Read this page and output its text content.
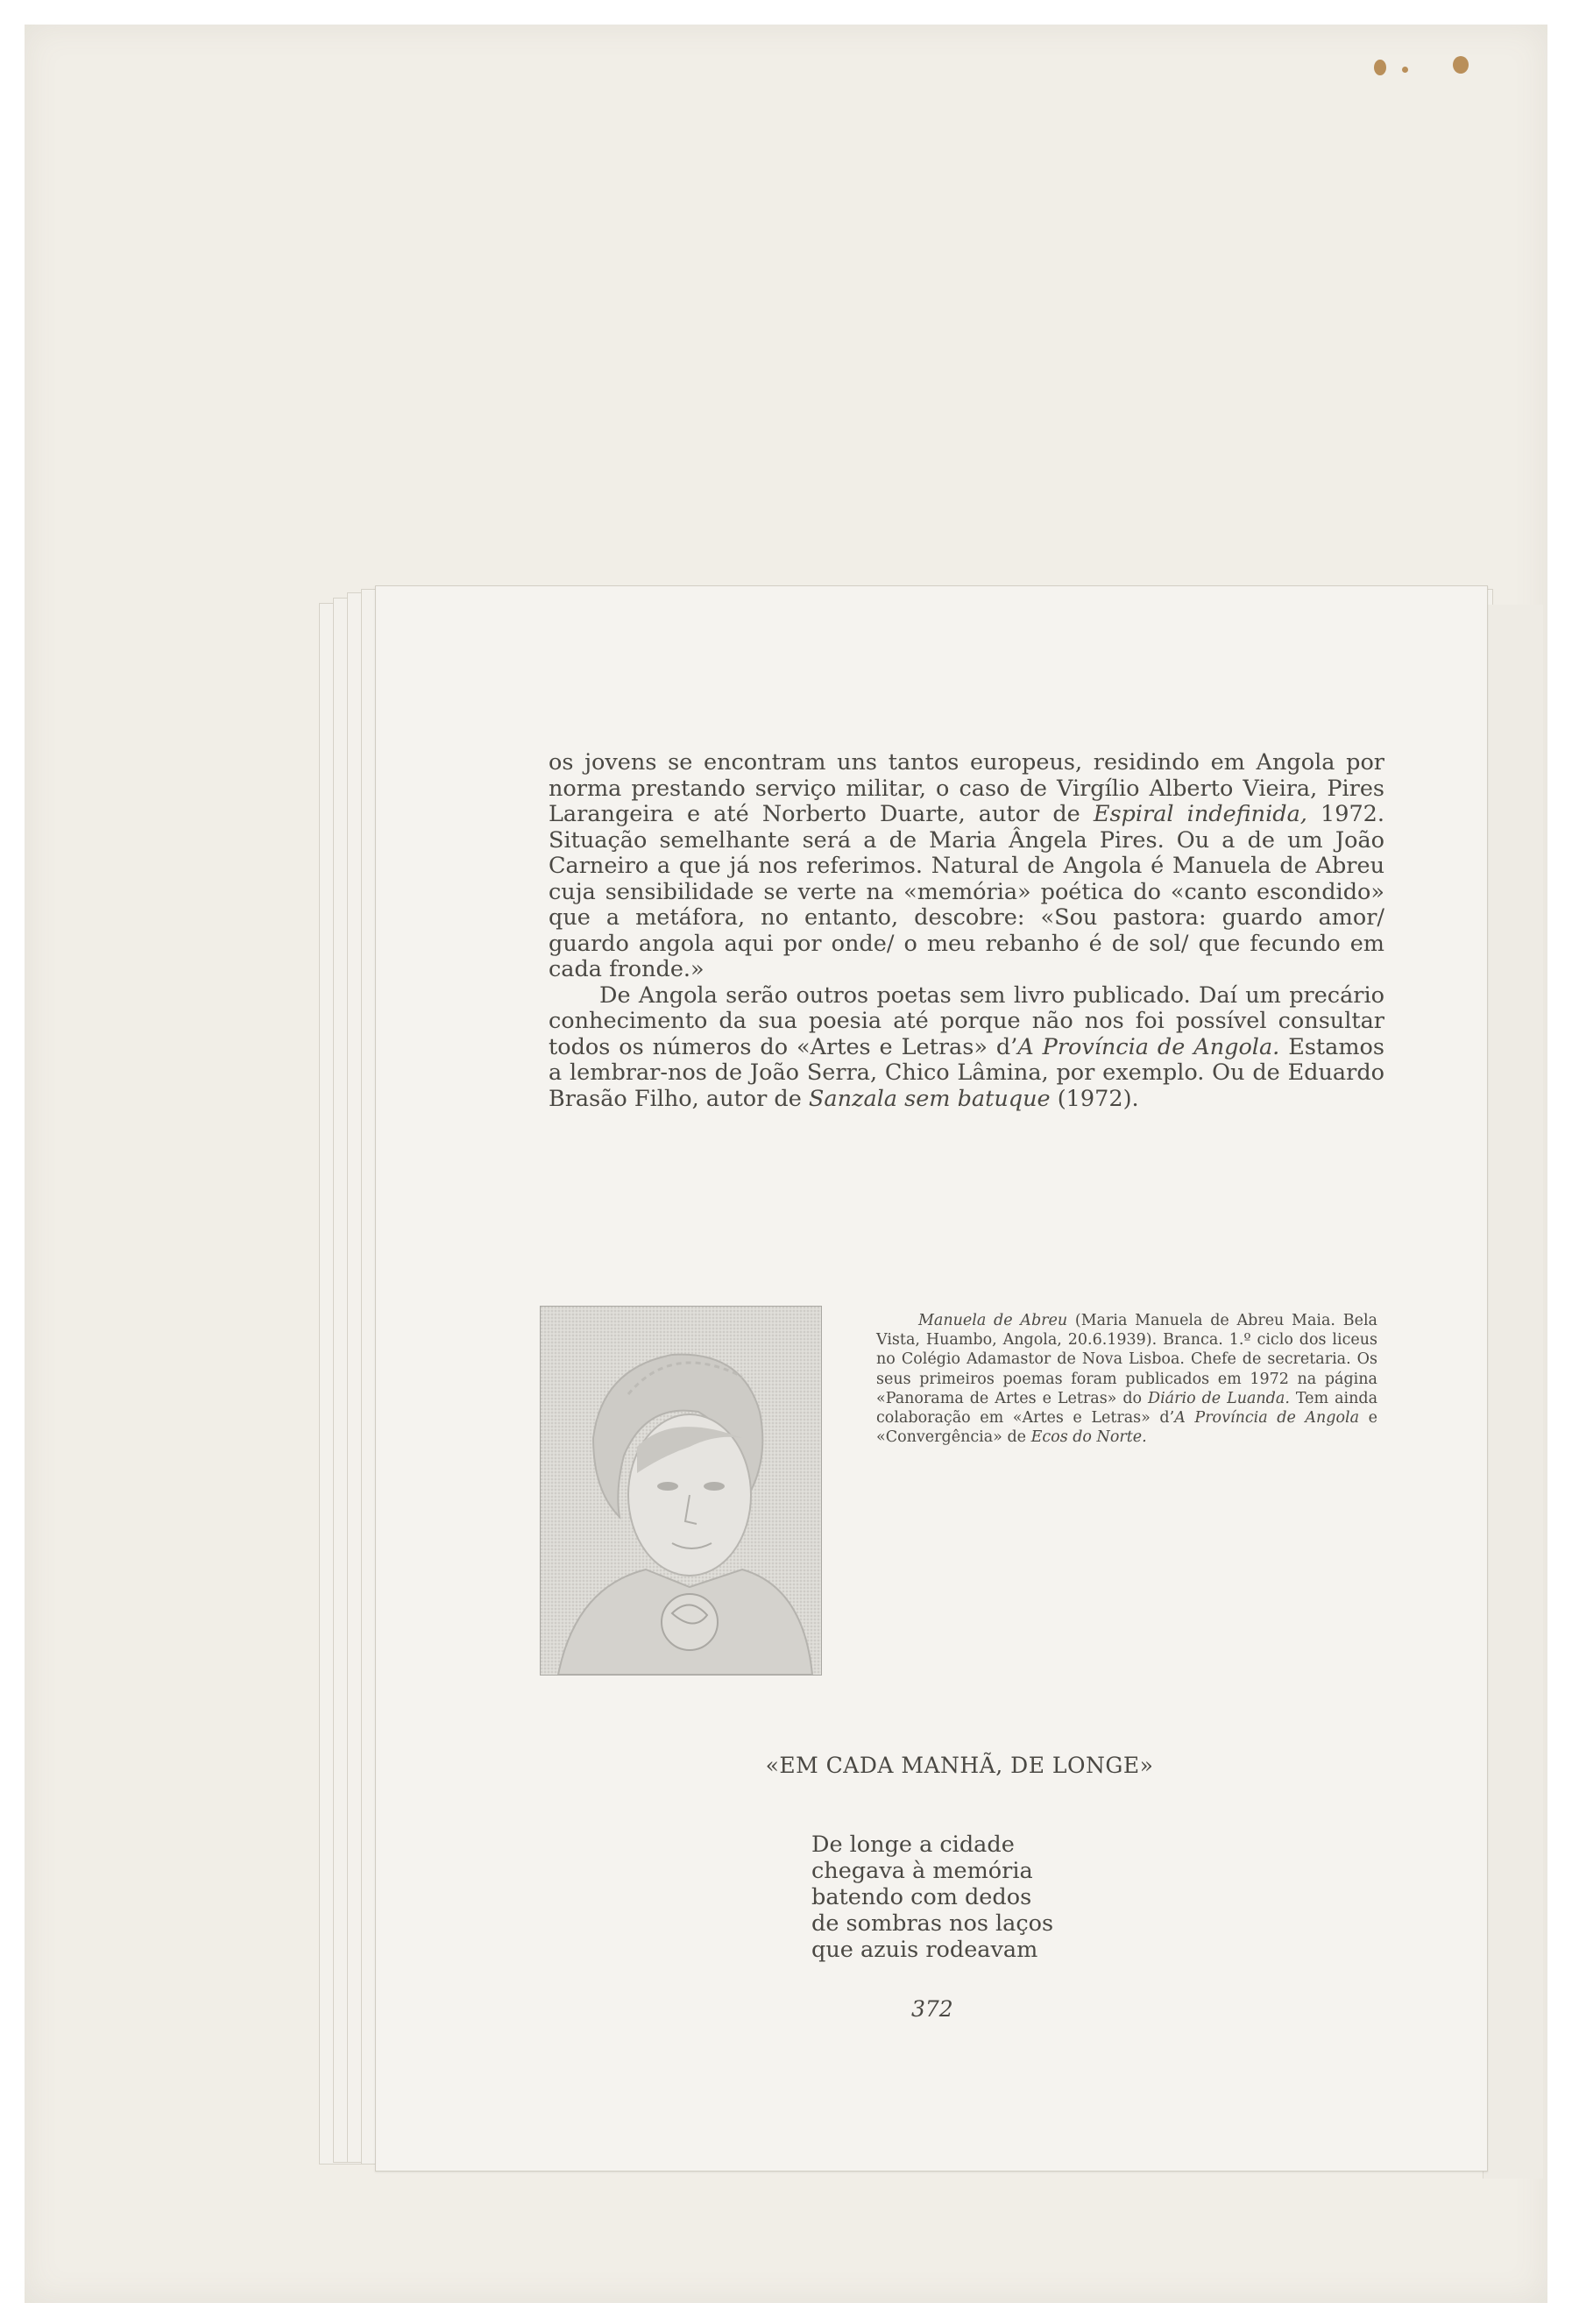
os jovens se encontram uns tantos europeus, residindo em Angola por norma prestando serviço militar, o caso de Virgílio Alberto Vieira, Pires Larangeira e até Norberto Duarte, autor de Espiral indefinida, 1972. Situação semelhante será a de Maria Ângela Pires. Ou a de um João Carneiro a que já nos referimos. Natural de Angola é Manuela de Abreu cuja sensibilidade se verte na «memória» poética do «canto escondido» que a metáfora, no entanto, descobre: «Sou pastora: guardo amor/ guardo angola aqui por onde/ o meu rebanho é de sol/ que fecundo em cada fronde.»

De Angola serão outros poetas sem livro publicado. Daí um precário conhecimento da sua poesia até porque não nos foi possível consultar todos os números do «Artes e Letras» d’A Província de Angola. Estamos a lembrar-nos de João Serra, Chico Lâmina, por exemplo. Ou de Eduardo Brasão Filho, autor de Sanzala sem batuque (1972).

Manuela de Abreu (Maria Manuela de Abreu Maia. Bela Vista, Huambo, Angola, 20.6.1939). Branca. 1.º ciclo dos liceus no Colégio Adamastor de Nova Lisboa. Chefe de secretaria. Os seus primeiros poemas foram publicados em 1972 na página «Panorama de Artes e Letras» do Diário de Luanda. Tem ainda colaboração em «Artes e Letras» d’A Província de Angola e «Convergência» de Ecos do Norte.

«EM CADA MANHÃ, DE LONGE»

De longe a cidade
chegava à memória
batendo com dedos
de sombras nos laços
que azuis rodeavam

372
